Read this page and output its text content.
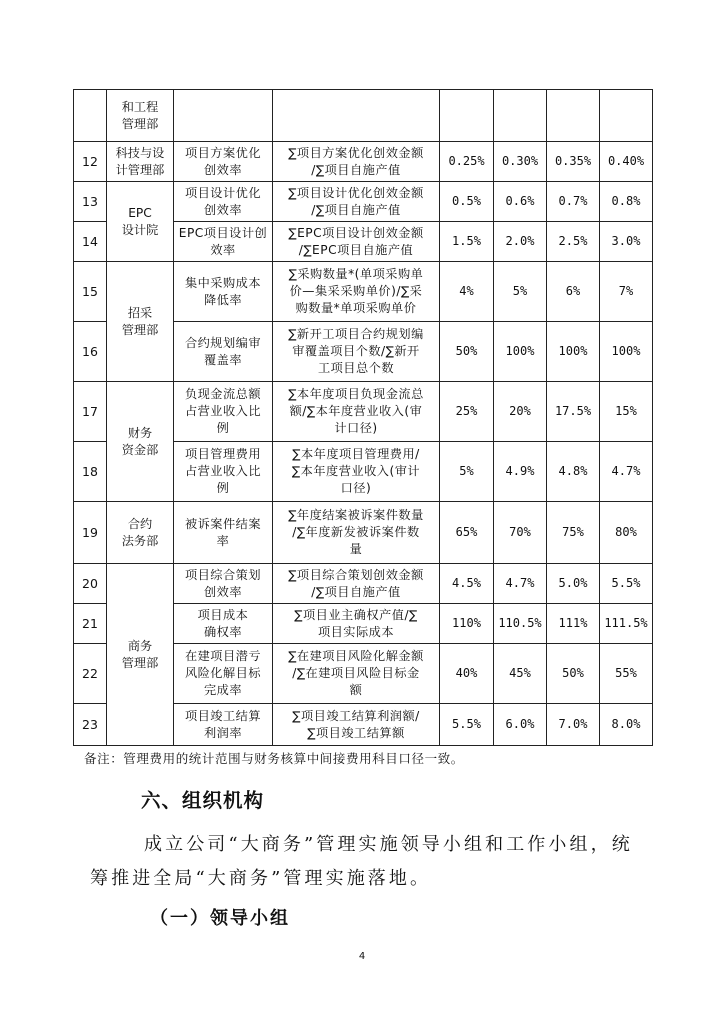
	和工程
管理部						
12	科技与设
计管理部	项目方案优化
创效率	∑项目方案优化创效金额
/∑项目自施产值	0.25%	0.30%	0.35%	0.40%
13	EPC
设计院	项目设计优化
创效率	∑项目设计优化创效金额
/∑项目自施产值	0.5%	0.6%	0.7%	0.8%
14		EPC项目设计创
效率	∑EPC项目设计创效金额
/∑EPC项目自施产值	1.5%	2.0%	2.5%	3.0%
15	招采
管理部	集中采购成本
降低率	∑采购数量*(单项采购单
价—集采采购单价)/∑采
购数量*单项采购单价	4%	5%	6%	7%
16		合约规划编审
覆盖率	∑新开工项目合约规划编
审覆盖项目个数/∑新开
工项目总个数	50%	100%	100%	100%
17	财务
资金部	负现金流总额
占营业收入比
例	∑本年度项目负现金流总
额/∑本年度营业收入(审
计口径)	25%	20%	17.5%	15%
18		项目管理费用
占营业收入比
例	∑本年度项目管理费用/
∑本年度营业收入(审计
口径)	5%	4.9%	4.8%	4.7%
19	合约
法务部	被诉案件结案
率	∑年度结案被诉案件数量
/∑年度新发被诉案件数
量	65%	70%	75%	80%
20	商务
管理部	项目综合策划
创效率	∑项目综合策划创效金额
/∑项目自施产值	4.5%	4.7%	5.0%	5.5%
21		项目成本
确权率	∑项目业主确权产值/∑
项目实际成本	110%	110.5%	111%	111.5%
22		在建项目潜亏
风险化解目标
完成率	∑在建项目风险化解金额
/∑在建项目风险目标金
额	40%	45%	50%	55%
23		项目竣工结算
利润率	∑项目竣工结算利润额/
∑项目竣工结算额	5.5%	6.0%	7.0%	8.0%
备注：管理费用的统计范围与财务核算中间接费用科目口径一致。
六、组织机构
成立公司“大商务”管理实施领导小组和工作小组，统筹推进全局“大商务”管理实施落地。
（一）领导小组
4
